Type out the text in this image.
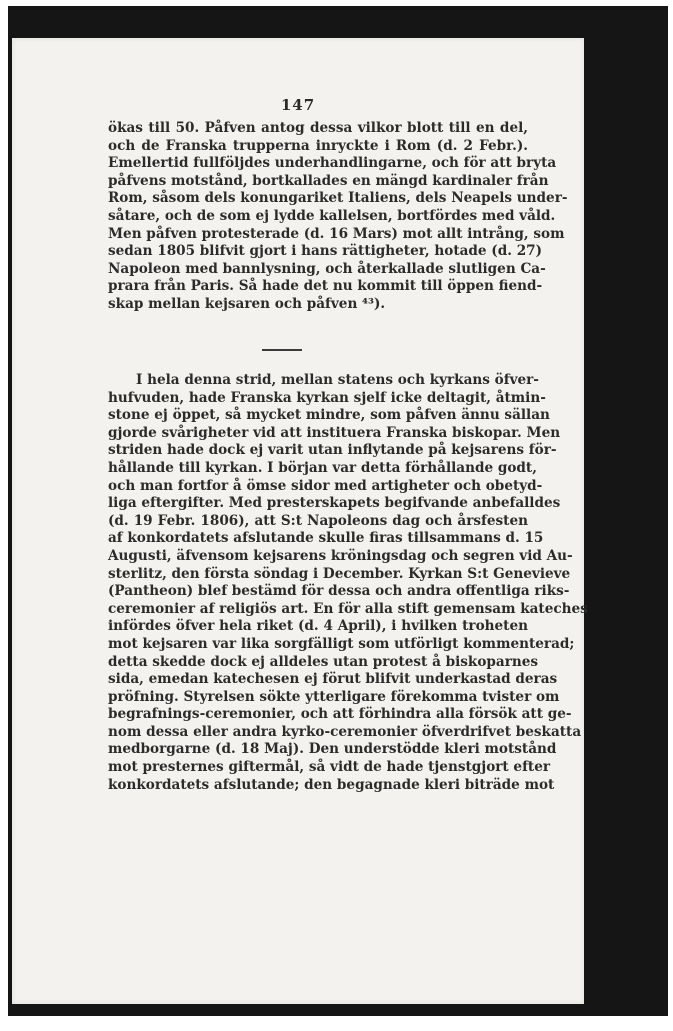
147
ökas till 50. Påfven antog dessa vilkor blott till en del,
och de Franska trupperna inryckte i Rom (d. 2 Febr.).
Emellertid fullföljdes underhandlingarne, och för att bryta
påfvens motstånd, bortkallades en mängd kardinaler från
Rom, såsom dels konungariket Italiens, dels Neapels under-
såtare, och de som ej lydde kallelsen, bortfördes med våld.
Men påfven protesterade (d. 16 Mars) mot allt intrång, som
sedan 1805 blifvit gjort i hans rättigheter, hotade (d. 27)
Napoleon med bannlysning, och återkallade slutligen Ca-
prara från Paris. Så hade det nu kommit till öppen fiend-
skap mellan kejsaren och påfven ⁴³).
I hela denna strid, mellan statens och kyrkans öfver-
hufvuden, hade Franska kyrkan sjelf icke deltagit, åtmin-
stone ej öppet, så mycket mindre, som påfven ännu sällan
gjorde svårigheter vid att instituera Franska biskopar. Men
striden hade dock ej varit utan inflytande på kejsarens för-
hållande till kyrkan. I början var detta förhållande godt,
och man fortfor å ömse sidor med artigheter och obetyd-
liga eftergifter. Med presterskapets begifvande anbefalldes
(d. 19 Febr. 1806), att S:t Napoleons dag och årsfesten
af konkordatets afslutande skulle firas tillsammans d. 15
Augusti, äfvensom kejsarens kröningsdag och segren vid Au-
sterlitz, den första söndag i December. Kyrkan S:t Genevieve
(Pantheon) blef bestämd för dessa och andra offentliga riks-
ceremonier af religiös art. En för alla stift gemensam kateches
infördes öfver hela riket (d. 4 April), i hvilken troheten
mot kejsaren var lika sorgfälligt som utförligt kommenterad;
detta skedde dock ej alldeles utan protest å biskoparnes
sida, emedan katechesen ej förut blifvit underkastad deras
pröfning. Styrelsen sökte ytterligare förekomma tvister om
begrafnings-ceremonier, och att förhindra alla försök att ge-
nom dessa eller andra kyrko-ceremonier öfverdrifvet beskatta
medborgarne (d. 18 Maj). Den understödde kleri motstånd
mot presternes giftermål, så vidt de hade tjenstgjort efter
konkordatets afslutande; den begagnade kleri biträde mot
